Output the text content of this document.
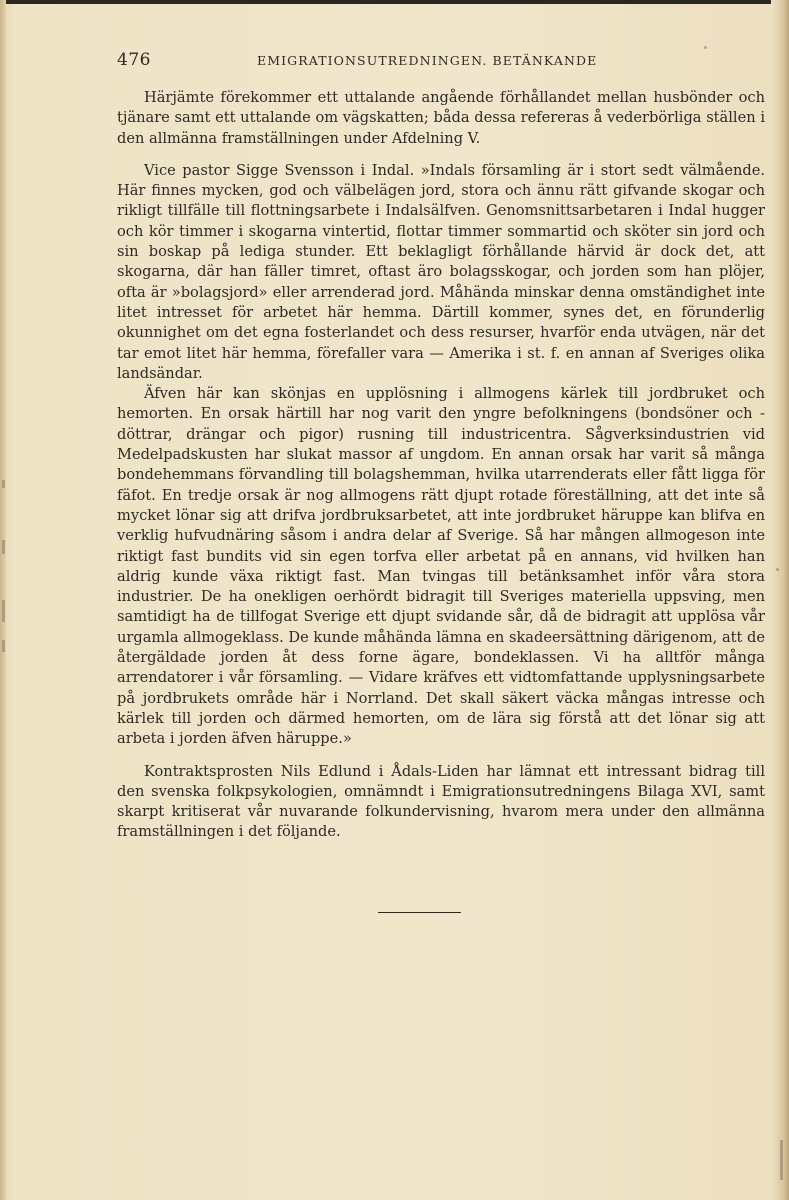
476	EMIGRATIONSUTREDNINGEN. BETÄNKANDE

Härjämte förekommer ett uttalande angående förhållandet mellan husbönder och tjänare samt ett uttalande om vägskatten; båda dessa refereras å vederbörliga ställen i den allmänna framställningen under Afdelning V.

Vice pastor Sigge Svensson i Indal. »Indals församling är i stort sedt välmående. Här finnes mycken, god och välbelägen jord, stora och ännu rätt gifvande skogar och rikligt tillfälle till flottningsarbete i Indalsälfven. Genomsnittsarbetaren i Indal hugger och kör timmer i skogarna vintertid, flottar timmer sommartid och sköter sin jord och sin boskap på lediga stunder. Ett beklagligt förhållande härvid är dock det, att skogarna, där han fäller timret, oftast äro bolagsskogar, och jorden som han plöjer, ofta är »bolagsjord» eller arrenderad jord. Måhända minskar denna omständighet inte litet intresset för arbetet här hemma. Därtill kommer, synes det, en förunderlig okunnighet om det egna fosterlandet och dess resurser, hvarför enda utvägen, när det tar emot litet här hemma, förefaller vara — Amerika i st. f. en annan af Sveriges olika landsändar.

Äfven här kan skönjas en upplösning i allmogens kärlek till jordbruket och hemorten. En orsak härtill har nog varit den yngre befolkningens (bondsöner och -döttrar, drängar och pigor) rusning till industricentra. Sågverksindustrien vid Medelpadskusten har slukat massor af ungdom. En annan orsak har varit så många bondehemmans förvandling till bolagshemman, hvilka utarrenderats eller fått ligga för fäfot. En tredje orsak är nog allmogens rätt djupt rotade föreställning, att det inte så mycket lönar sig att drifva jordbruksarbetet, att inte jordbruket häruppe kan blifva en verklig hufvudnäring såsom i andra delar af Sverige. Så har mången allmogeson inte riktigt fast bundits vid sin egen torfva eller arbetat på en annans, vid hvilken han aldrig kunde växa riktigt fast. Man tvingas till betänksamhet inför våra stora industrier. De ha onekligen oerhördt bidragit till Sveriges materiella uppsving, men samtidigt ha de tillfogat Sverige ett djupt svidande sår, då de bidragit att upplösa vår urgamla allmogeklass. De kunde måhända lämna en skadeersättning därigenom, att de återgäldade jorden åt dess forne ägare, bondeklassen. Vi ha alltför många arrendatorer i vår församling. — Vidare kräfves ett vidtomfattande upplysningsarbete på jordbrukets område här i Norrland. Det skall säkert väcka mångas intresse och kärlek till jorden och därmed hemorten, om de lära sig förstå att det lönar sig att arbeta i jorden äfven häruppe.»

Kontraktsprosten Nils Edlund i Ådals-Liden har lämnat ett intressant bidrag till den svenska folkpsykologien, omnämndt i Emigrationsutredningens Bilaga XVI, samt skarpt kritiserat vår nuvarande folkundervisning, hvarom mera under den allmänna framställningen i det följande.
